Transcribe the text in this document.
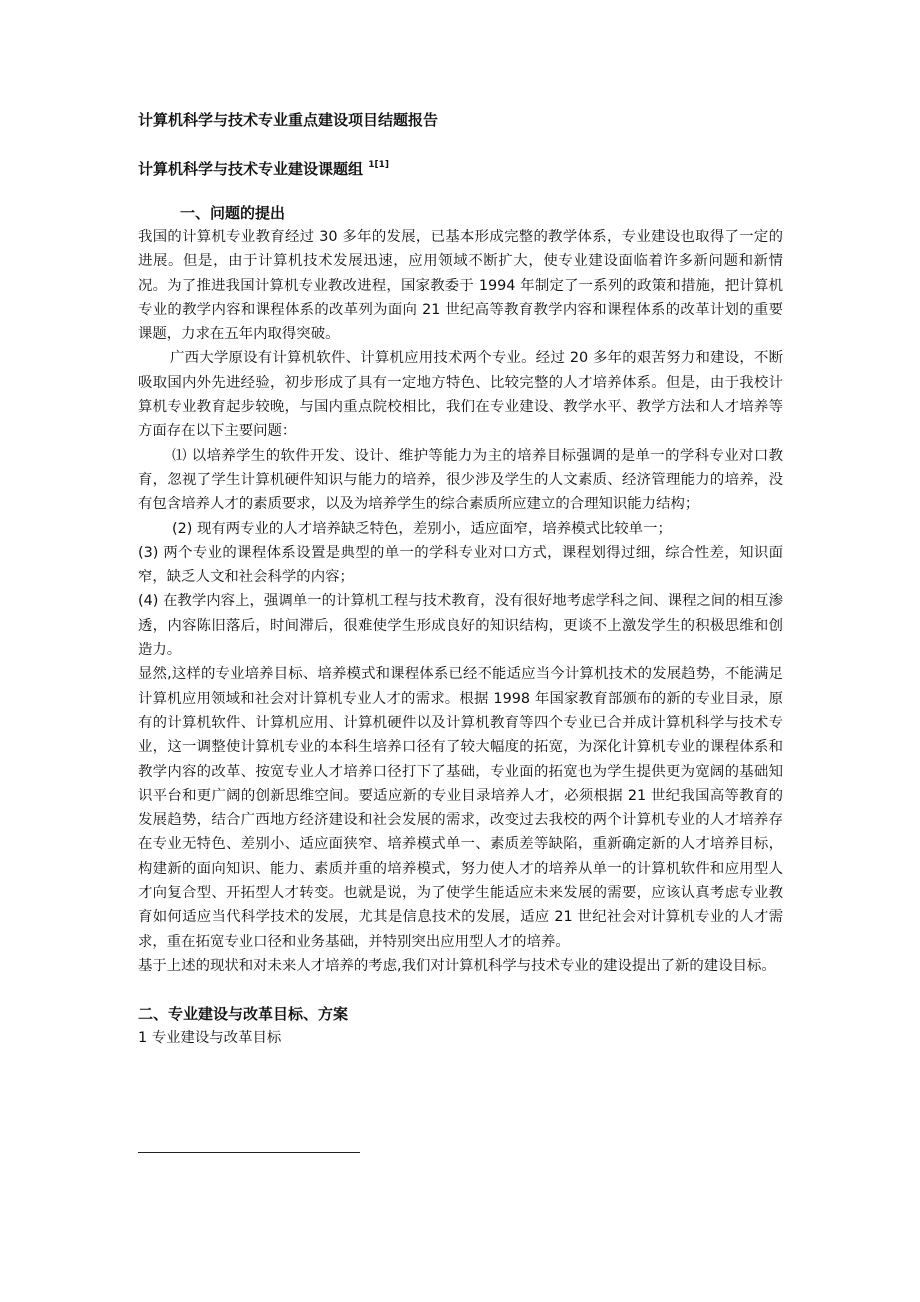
计算机科学与技术专业重点建设项目结题报告

计算机科学与技术专业建设课题组 $^{1[1]}$

一、问题的提出

我国的计算机专业教育经过 30 多年的发展，已基本形成完整的教学体系，专业建设也取得了一定的进展。但是，由于计算机技术发展迅速，应用领域不断扩大，使专业建设面临着许多新问题和新情况。为了推进我国计算机专业教改进程，国家教委于 1994 年制定了一系列的政策和措施，把计算机专业的教学内容和课程体系的改革列为面向 21 世纪高等教育教学内容和课程体系的改革计划的重要课题，力求在五年内取得突破。

广西大学原设有计算机软件、计算机应用技术两个专业。经过 20 多年的艰苦努力和建设，不断吸取国内外先进经验，初步形成了具有一定地方特色、比较完整的人才培养体系。但是，由于我校计算机专业教育起步较晚，与国内重点院校相比，我们在专业建设、教学水平、教学方法和人才培养等方面存在以下主要问题：

⑴ 以培养学生的软件开发、设计、维护等能力为主的培养目标强调的是单一的学科专业对口教育，忽视了学生计算机硬件知识与能力的培养，很少涉及学生的人文素质、经济管理能力的培养，没有包含培养人才的素质要求，以及为培养学生的综合素质所应建立的合理知识能力结构；

(2) 现有两专业的人才培养缺乏特色，差别小，适应面窄，培养模式比较单一；

(3) 两个专业的课程体系设置是典型的单一的学科专业对口方式，课程划得过细，综合性差，知识面窄，缺乏人文和社会科学的内容；

(4) 在教学内容上，强调单一的计算机工程与技术教育，没有很好地考虑学科之间、课程之间的相互渗透，内容陈旧落后，时间滞后，很难使学生形成良好的知识结构，更谈不上激发学生的积极思维和创造力。

显然,这样的专业培养目标、培养模式和课程体系已经不能适应当今计算机技术的发展趋势，不能满足计算机应用领域和社会对计算机专业人才的需求。根据 1998 年国家教育部颁布的新的专业目录，原有的计算机软件、计算机应用、计算机硬件以及计算机教育等四个专业已合并成计算机科学与技术专业，这一调整使计算机专业的本科生培养口径有了较大幅度的拓宽，为深化计算机专业的课程体系和教学内容的改革、按宽专业人才培养口径打下了基础，专业面的拓宽也为学生提供更为宽阔的基础知识平台和更广阔的创新思维空间。要适应新的专业目录培养人才，必须根据 21 世纪我国高等教育的发展趋势，结合广西地方经济建设和社会发展的需求，改变过去我校的两个计算机专业的人才培养存在专业无特色、差别小、适应面狭窄、培养模式单一、素质差等缺陷，重新确定新的人才培养目标，构建新的面向知识、能力、素质并重的培养模式，努力使人才的培养从单一的计算机软件和应用型人才向复合型、开拓型人才转变。也就是说，为了使学生能适应未来发展的需要，应该认真考虑专业教育如何适应当代科学技术的发展，尤其是信息技术的发展，适应 21 世纪社会对计算机专业的人才需求，重在拓宽专业口径和业务基础，并特别突出应用型人才的培养。

基于上述的现状和对未来人才培养的考虑,我们对计算机科学与技术专业的建设提出了新的建设目标。

二、专业建设与改革目标、方案

1 专业建设与改革目标
